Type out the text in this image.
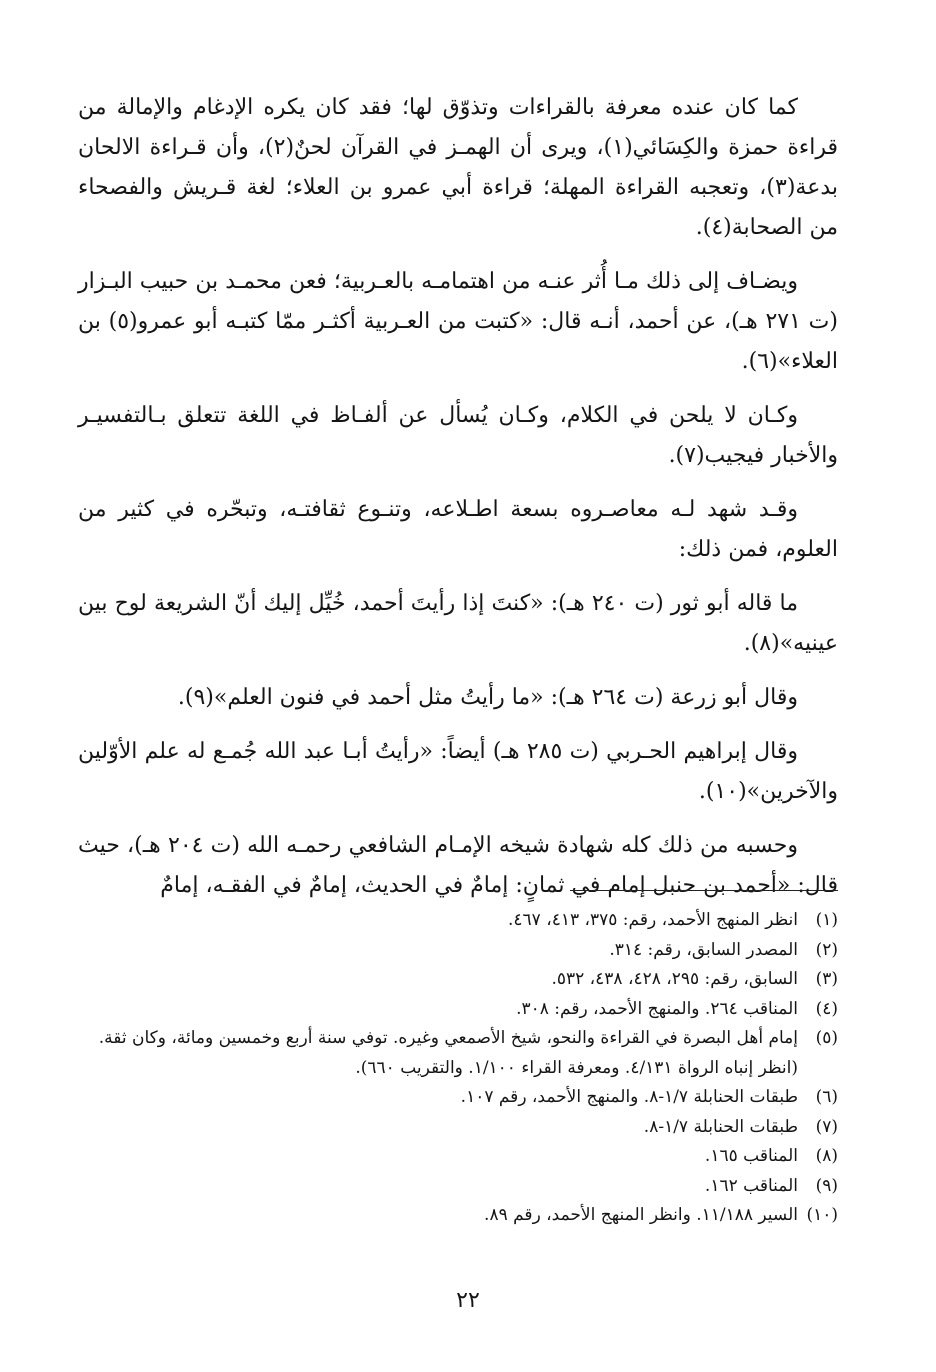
كما كان عنده معرفة بالقراءات وتذوّق لها؛ فقد كان يكره الإدغام والإمالة من قراءة حمزة والكِسَائي(١)، ويرى أن الهمـز في القرآن لحنٌ(٢)، وأن قـراءة الالحان بدعة(٣)، وتعجبه القراءة المهلة؛ قراءة أبي عمرو بن العلاء؛ لغة قـريش والفصحاء من الصحابة(٤).

ويضـاف إلى ذلك مـا أُثر عنـه من اهتمامـه بالعـربية؛ فعن محمـد بن حبيب البـزار (ت ٢٧١ هـ)، عن أحمد، أنـه قال: «كتبت من العـربية أكثـر ممّا كتبـه أبو عمرو(٥) بن العلاء»(٦).

وكـان لا يلحن في الكلام، وكـان يُسأل عن ألفـاظ في اللغة تتعلق بـالتفسيـر والأخبار فيجيب(٧).

وقـد شهد لـه معاصـروه بسعة اطـلاعه، وتنـوع ثقافتـه، وتبحّره في كثير من العلوم، فمن ذلك:

ما قاله أبو ثور (ت ٢٤٠ هـ): «كنتَ إذا رأيتَ أحمد، خُيِّل إليك أنّ الشريعة لوح بين عينيه»(٨).

وقال أبو زرعة (ت ٢٦٤ هـ): «ما رأيتُ مثل أحمد في فنون العلم»(٩).

وقال إبراهيم الحـربي (ت ٢٨٥ هـ) أيضاً: «رأيتُ أبـا عبد الله جُمـع له علم الأوّلين والآخرين»(١٠).

وحسبه من ذلك كله شهادة شيخه الإمـام الشافعي رحمـه الله (ت ٢٠٤ هـ)، حيث قال: «أحمد بن حنبل إمام في ثمانٍ: إمامٌ في الحديث، إمامٌ في الفقـه، إمامٌ

(١)
انظر المنهج الأحمد، رقم: ٣٧٥، ٤١٣، ٤٦٧.
(٢)
المصدر السابق، رقم: ٣١٤.
(٣)
السابق، رقم: ٢٩٥، ٤٢٨، ٤٣٨، ٥٣٢.
(٤)
المناقب ٢٦٤. والمنهج الأحمد، رقم: ٣٠٨.
(٥)
إمام أهل البصرة في القراءة والنحو، شيخ الأصمعي وغيره. توفي سنة أربع وخمسين ومائة، وكان ثقة. (انظر إنباه الرواة ٤/١٣١. ومعرفة القراء ١/١٠٠. والتقريب ٦٦٠).
(٦)
طبقات الحنابلة ١/٧-٨. والمنهج الأحمد، رقم ١٠٧.
(٧)
طبقات الحنابلة ١/٧-٨.
(٨)
المناقب ١٦٥.
(٩)
المناقب ١٦٢.
(١٠)
السير ١١/١٨٨. وانظر المنهج الأحمد، رقم ٨٩.
٢٢
